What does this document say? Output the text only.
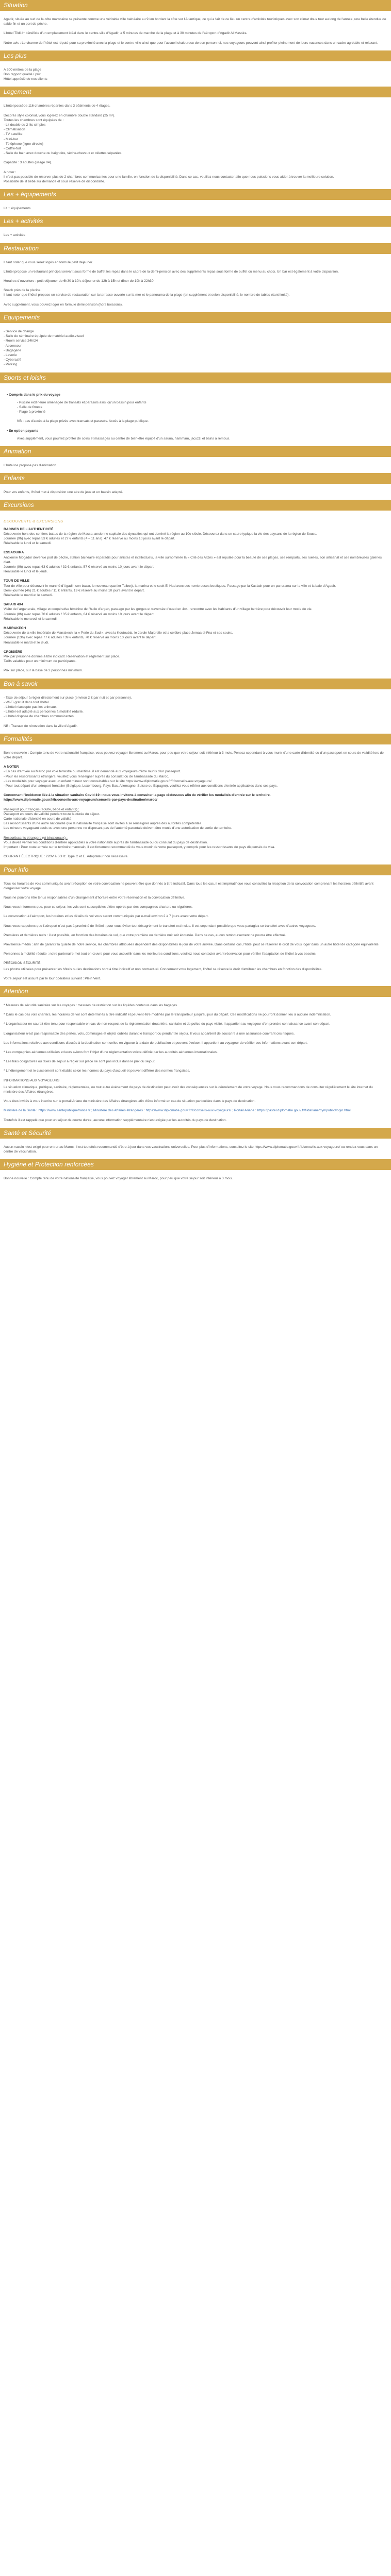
Situation

Agadir, située au sud de la côte marocaine se présente comme une véritable ville balnéaire au 9 km bordant la côte sur l'Atlantique, ce qui a fait de ce lieu un centre d'activités touristiques avec son climat doux tout au long de l'année, une belle étendue de sable fin et un port de pêche.

L'hôtel Tildi 4* bénéficie d'un emplacement idéal dans le centre-ville d'Agadir, à 5 minutes de marche de la plage et à 30 minutes de l'aéroport d'Agadir Al Massira.

Notre avis : Le charme de l'hôtel est réputé pour sa proximité avec la plage et le centre-ville ainsi que pour l'accueil chaleureux de son personnel, nos voyageurs peuvent ainsi profiter pleinement de leurs vacances dans un cadre agréable et relaxant.

Les plus
A 200 mètres de la plage
Bon rapport qualité / prix
Hôtel apprécié de nos clients
Logement

L'hôtel possède 116 chambres réparties dans 3 bâtiments de 4 étages.

Decorés style colonial, vous logerez en chambre double standard (25 m²).

Toutes les chambres sont équipées de :

- Lit double ou 2 lits simples
- Climatisation
- TV satellite
- Mini-bar
- Téléphone (ligne directe)
- Coffre-fort
- Salle de bain avec douche ou baignoire, sèche-cheveux et toilettes séparées

Capacité : 3 adultes (usage 04).

A noter :

Il n'est pas possible de réserver plus de 2 chambres communicantes pour une famille, en fonction de la disponibilité. Dans ce cas, veuillez nous contacter afin que nous puissions vous aider à trouver la meilleure solution.

Possibilité de lit bébé sur demande et sous réserve de disponibilité.

Les + équipements

Lit + équipements

Les + activités

Les + activités

Restauration

Il faut noter que vous serez logés en formule petit déjeuner.

L'hôtel propose un restaurant principal servant sous forme de buffet les repas dans le cadre de la demi-pension avec des suppléments repas sous forme de buffet ou menu au choix. Un bar est également à votre disposition.

Horaires d'ouverture : petit déjeuner de 6h30 à 10h, déjeuner de 12h à 15h et dîner de 19h à 22h30.

Snack près de la piscine.

Il faut noter que l'hôtel propose un service de restauration sur la terrasse ouverte sur la mer et le panorama de la plage (en supplément et selon disponibilité, le nombre de tables étant limité).

Avec supplément, vous pouvez loger en formule demi-pension (hors boissons).

Equipements
- Service de change
- Salle de séminaire équipée de matériel audio-visuel
- Room service 24h/24
- Ascenseur
- Bagagerie
- Laverie
- Cybercafé
- Parking
Sports et loisirs
• Compris dans le prix du voyage
- Piscine extérieure aménagée de transats et parasols ainsi qu'un bassin pour enfants
- Salle de fitness
- Plage à proximité

NB : pas d'accès à la plage privée avec transats et parasols. Accès à la plage publique.

• En option payante

Avec supplément, vous pourrez profiter de soins et massages au centre de bien-être équipé d'un sauna, hammam, jacuzzi et bains à remous.

Animation

L'hôtel ne propose pas d'animation.

Enfants

Pour vos enfants, l'hôtel met à disposition une aire de jeux et un bassin adapté.

Excursions
DECOUVERTE & EXCURSIONS

RACINES DE L'AUTHENTICITÉ

Découverte hors des sentiers battus de la région de Massa, ancienne capitale des dynasties qui ont dominé la région au 10e siècle. Découvrez dans un cadre typique la vie des paysans de la région de Souss.

Journée (9h) avec repas 53 € adultes et 27 € enfants (4 – 11 ans). 47 € réservé au moins 10 jours avant le départ.

Réalisable le lundi et le samedi.

ESSAOUIRA

Ancienne Mogador devenue port de pêche, station balnéaire et paradis pour artistes et intellectuels, la ville surnommée la « Cité des Alizés » est réputée pour la beauté de ses plages, ses remparts, ses ruelles, son artisanat et ses nombreuses galeries d'art.

Journée (9h) avec repas 63 € adultes / 32 € enfants, 57 € réservé au moins 10 jours avant le départ.

Réalisable le lundi et le jeudi.

TOUR DE VILLE

Tour de ville pour découvrir le marché d'Agadir, son bazar, le nouveau quartier Talborjt, la marina et le souk El Had avec ses nombreuses boutiques. Passage par la Kasbah pour un panorama sur la ville et la baie d'Agadir.

Demi-journée (4h) 21 € adultes / 11 € enfants. 19 € réservé au moins 10 jours avant le départ.

Réalisable le mardi et le samedi.

SAFARI 4X4

Visite de l'arganeraie, village et coopérative féminine de l'huile d'argan, passage par les gorges et traversée d'oued en 4x4, rencontre avec les habitants d'un village berbère pour découvrir leur mode de vie.

Journée (8h) avec repas 70 € adultes / 35 € enfants, 64 € réservé au moins 10 jours avant le départ.

Réalisable le mercredi et le samedi.

MARRAKECH

Découverte de la ville impériale de Marrakech, la « Perle du Sud », avec la Koutoubia, le Jardin Majorelle et la célèbre place Jemaa el-Fna et ses souks.

Journée (13h) avec repas 77 € adultes / 39 € enfants, 70 € réservé au moins 10 jours avant le départ.

Réalisable le mardi et le jeudi.

CROISIÈRE

Prix par personne donnés à titre indicatif. Réservation et règlement sur place.

Tarifs valables pour un minimum de participants.

Prix sur place, sur la base de 2 personnes minimum.

Bon à savoir
- Taxe de séjour à régler directement sur place (environ 2 € par nuit et par personne).
- Wi-Fi gratuit dans tout l'hôtel.
- L'hôtel n'accepte pas les animaux.
- L'hôtel est adapté aux personnes à mobilité réduite.
- L'hôtel dispose de chambres communicantes.

NB : Travaux de rénovation dans la ville d'Agadir.

Formalités

Bonne nouvelle : Compte tenu de votre nationalité française, vous pouvez voyager librement au Maroc, pour peu que votre séjour soit inférieur à 3 mois. Pensez cependant à vous munir d'une carte d'identité ou d'un passeport en cours de validité lors de votre départ.

A NOTER

- En cas d'arrivée au Maroc par voie terrestre ou maritime, il est demandé aux voyageurs d'être munis d'un passeport.

- Pour les ressortissants étrangers, veuillez vous renseigner auprès du consulat ou de l'ambassade du Maroc.

- Les modalités pour voyager avec un enfant mineur sont consultables sur le site https://www.diplomatie.gouv.fr/fr/conseils-aux-voyageurs/.

- Pour tout départ d'un aéroport frontalier (Belgique, Luxembourg, Pays-Bas, Allemagne, Suisse ou Espagne), veuillez vous référer aux conditions d'entrée applicables dans ces pays.

Concernant l'incidence liée à la situation sanitaire Covid-19 : nous vous invitons à consulter la page ci-dessous afin de vérifier les modalités d'entrée sur le territoire.

https://www.diplomatie.gouv.fr/fr/conseils-aux-voyageurs/conseils-par-pays-destination/maroc/

Passeport pour français (adulte, bébé et enfants) :

Passeport en cours de validité pendant toute la durée du séjour.

Carte nationale d'identité en cours de validité.

Les ressortissants d'une autre nationalité que la nationalité française sont invités à se renseigner auprès des autorités compétentes.

Les mineurs voyageant seuls ou avec une personne ne disposant pas de l'autorité parentale doivent être munis d'une autorisation de sortie de territoire.

Ressortissants étrangers (et binationaux) :

Vous devez vérifier les conditions d'entrée applicables à votre nationalité auprès de l'ambassade ou du consulat du pays de destination.

Important : Pour toute arrivée sur le territoire marocain, il est fortement recommandé de vous munir de votre passeport, y compris pour les ressortissants de pays dispensés de visa.

COURANT ÉLECTRIQUE : 220V à 50Hz. Type C et E. Adaptateur non nécessaire.

Pour info

Tous les horaires de vols communiqués avant réception de votre convocation ne peuvent être que donnés à titre indicatif. Dans tous les cas, il est impératif que vous consultiez la réception de la convocation comprenant les horaires définitifs avant d'organiser votre voyage.

Nous ne pouvons être tenus responsables d'un changement d'horaire entre votre réservation et la convocation définitive.

Nous vous informons que, pour ce séjour, les vols sont susceptibles d'être opérés par des compagnies charters ou régulières.

La convocation à l'aéroport, les horaires et les détails de vol vous seront communiqués par e-mail environ 2 à 7 jours avant votre départ.

Nous vous rappelons que l'aéroport n'est pas à proximité de l'hôtel ; pour vous éviter tout désagrément le transfert est inclus. Il est cependant possible que vous partagiez ce transfert avec d'autres voyageurs.

Premières et dernières nuits : il est possible, en fonction des horaires de vol, que votre première ou dernière nuit soit écourtée. Dans ce cas, aucun remboursement ne pourra être effectué.

Prévalence média : afin de garantir la qualité de notre service, les chambres attribuées dépendent des disponibilités le jour de votre arrivée. Dans certains cas, l'hôtel peut se réserver le droit de vous loger dans un autre hôtel de catégorie équivalente.

Personnes à mobilité réduite : notre partenaire met tout en œuvre pour vous accueillir dans les meilleures conditions, veuillez nous contacter avant réservation pour vérifier l'adaptation de l'hôtel à vos besoins.

PRÉCISION SÉCURITÉ

Les photos utilisées pour présenter les hôtels ou les destinations sont à titre indicatif et non contractuel. Concernant votre logement, l'hôtel se réserve le droit d'attribuer les chambres en fonction des disponibilités.

Votre séjour est assuré par le tour opérateur suivant : Plein Vent.

Attention

* Mesures de sécurité sanitaire sur les voyages : mesures de restriction sur les liquides contenus dans les bagages.

* Dans le cas des vols charters, les horaires de vol sont déterminés à titre indicatif et peuvent être modifiés par le transporteur jusqu'au jour du départ. Ces modifications ne pourront donner lieu à aucune indemnisation.

* L'organisateur ne saurait être tenu pour responsable en cas de non-respect de la réglementation douanière, sanitaire et de police du pays visité. Il appartient au voyageur d'en prendre connaissance avant son départ.

L'organisateur n'est pas responsable des pertes, vols, dommages et objets oubliés durant le transport ou pendant le séjour. Il vous appartient de souscrire à une assurance couvrant ces risques.

Les informations relatives aux conditions d'accès à la destination sont celles en vigueur à la date de publication et peuvent évoluer. Il appartient au voyageur de vérifier ces informations avant son départ.

* Les compagnies aériennes utilisées et leurs avions font l'objet d'une réglementation stricte définie par les autorités aériennes internationales.

* Les frais obligatoires ou taxes de séjour à régler sur place ne sont pas inclus dans le prix du séjour.

* L'hébergement et le classement sont établis selon les normes du pays d'accueil et peuvent différer des normes françaises.

INFORMATIONS AUX VOYAGEURS

La situation climatique, politique, sanitaire, réglementaire, ou tout autre événement du pays de destination peut avoir des conséquences sur le déroulement de votre voyage. Nous vous recommandons de consulter régulièrement le site internet du ministère des Affaires étrangères.

Vous êtes invités à vous inscrire sur le portail Ariane du ministère des Affaires étrangères afin d'être informé en cas de situation particulière dans le pays de destination.

Ministère de la Santé : https://www.santepubliquefrance.fr ; Ministère des Affaires étrangères : https://www.diplomatie.gouv.fr/fr/conseils-aux-voyageurs/ ; Portail Ariane : https://pastel.diplomatie.gouv.fr/fildariane/dyn/public/login.html

Toutefois il est rappelé que pour un séjour de courte durée, aucune information supplémentaire n'est exigée par les autorités du pays de destination.

Santé et Sécurité

Aucun vaccin n'est exigé pour entrer au Maroc. Il est toutefois recommandé d'être à jour dans vos vaccinations universelles. Pour plus d'informations, consultez le site https://www.diplomatie.gouv.fr/fr/conseils-aux-voyageurs/ ou rendez-vous dans un centre de vaccination.

Hygiène et Protection renforcées

Bonne nouvelle : Compte tenu de votre nationalité française, vous pouvez voyager librement au Maroc, pour peu que votre séjour soit inférieur à 3 mois.
